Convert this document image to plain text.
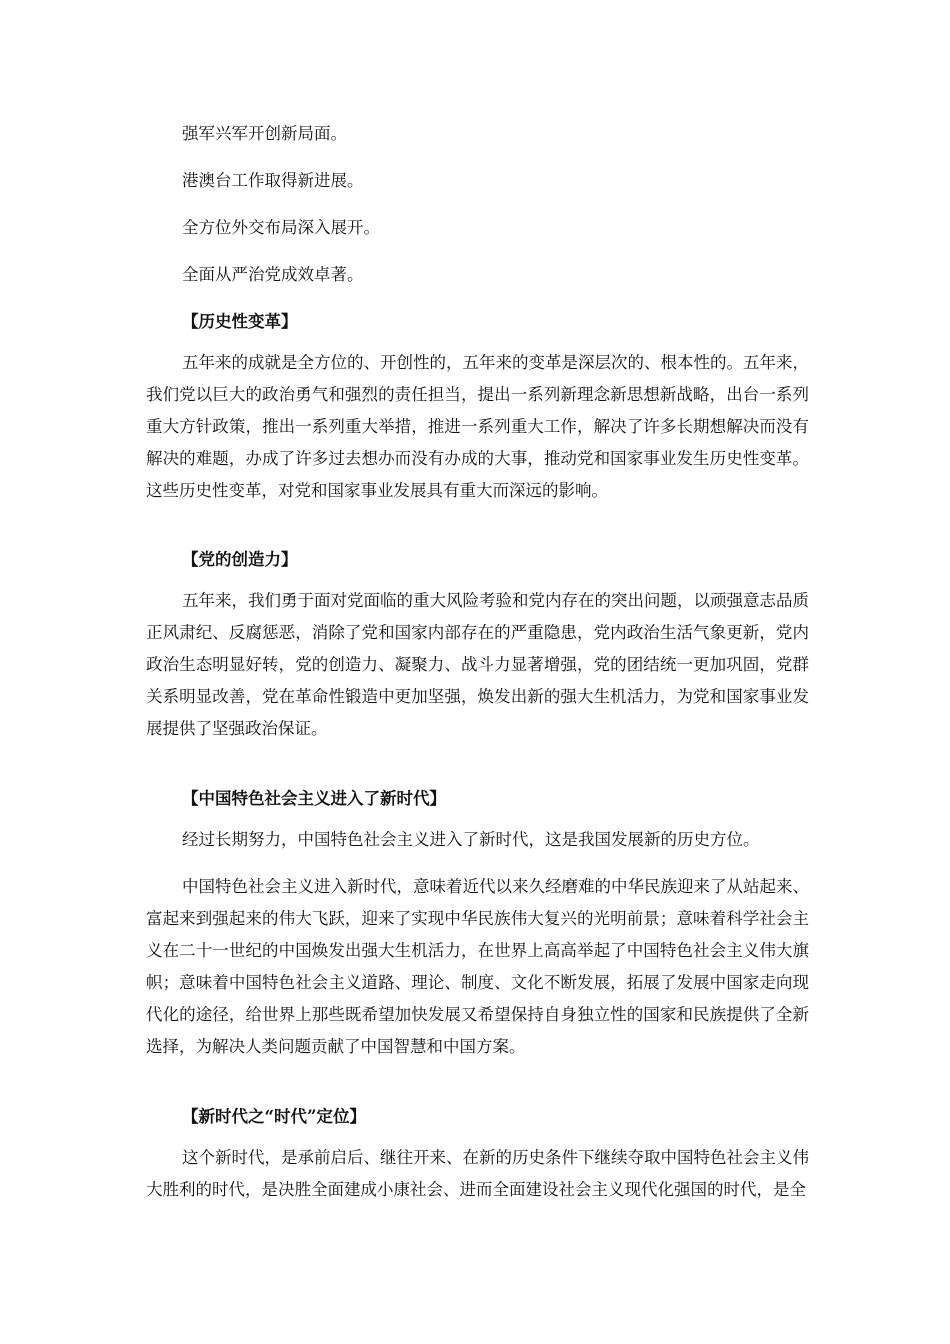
强军兴军开创新局面。
港澳台工作取得新进展。
全方位外交布局深入展开。
全面从严治党成效卓著。
【历史性变革】
五年来的成就是全方位的、开创性的，五年来的变革是深层次的、根本性的。五年来，我们党以巨大的政治勇气和强烈的责任担当，提出一系列新理念新思想新战略，出台一系列重大方针政策，推出一系列重大举措，推进一系列重大工作，解决了许多长期想解决而没有解决的难题，办成了许多过去想办而没有办成的大事，推动党和国家事业发生历史性变革。这些历史性变革，对党和国家事业发展具有重大而深远的影响。
【党的创造力】
五年来，我们勇于面对党面临的重大风险考验和党内存在的突出问题，以顽强意志品质正风肃纪、反腐惩恶，消除了党和国家内部存在的严重隐患，党内政治生活气象更新，党内政治生态明显好转，党的创造力、凝聚力、战斗力显著增强，党的团结统一更加巩固，党群关系明显改善，党在革命性锻造中更加坚强，焕发出新的强大生机活力，为党和国家事业发展提供了坚强政治保证。
【中国特色社会主义进入了新时代】
经过长期努力，中国特色社会主义进入了新时代，这是我国发展新的历史方位。
中国特色社会主义进入新时代，意味着近代以来久经磨难的中华民族迎来了从站起来、富起来到强起来的伟大飞跃，迎来了实现中华民族伟大复兴的光明前景；意味着科学社会主义在二十一世纪的中国焕发出强大生机活力，在世界上高高举起了中国特色社会主义伟大旗帜；意味着中国特色社会主义道路、理论、制度、文化不断发展，拓展了发展中国家走向现代化的途径，给世界上那些既希望加快发展又希望保持自身独立性的国家和民族提供了全新选择，为解决人类问题贡献了中国智慧和中国方案。
【新时代之“时代”定位】
这个新时代，是承前启后、继往开来、在新的历史条件下继续夺取中国特色社会主义伟大胜利的时代，是决胜全面建成小康社会、进而全面建设社会主义现代化强国的时代，是全
